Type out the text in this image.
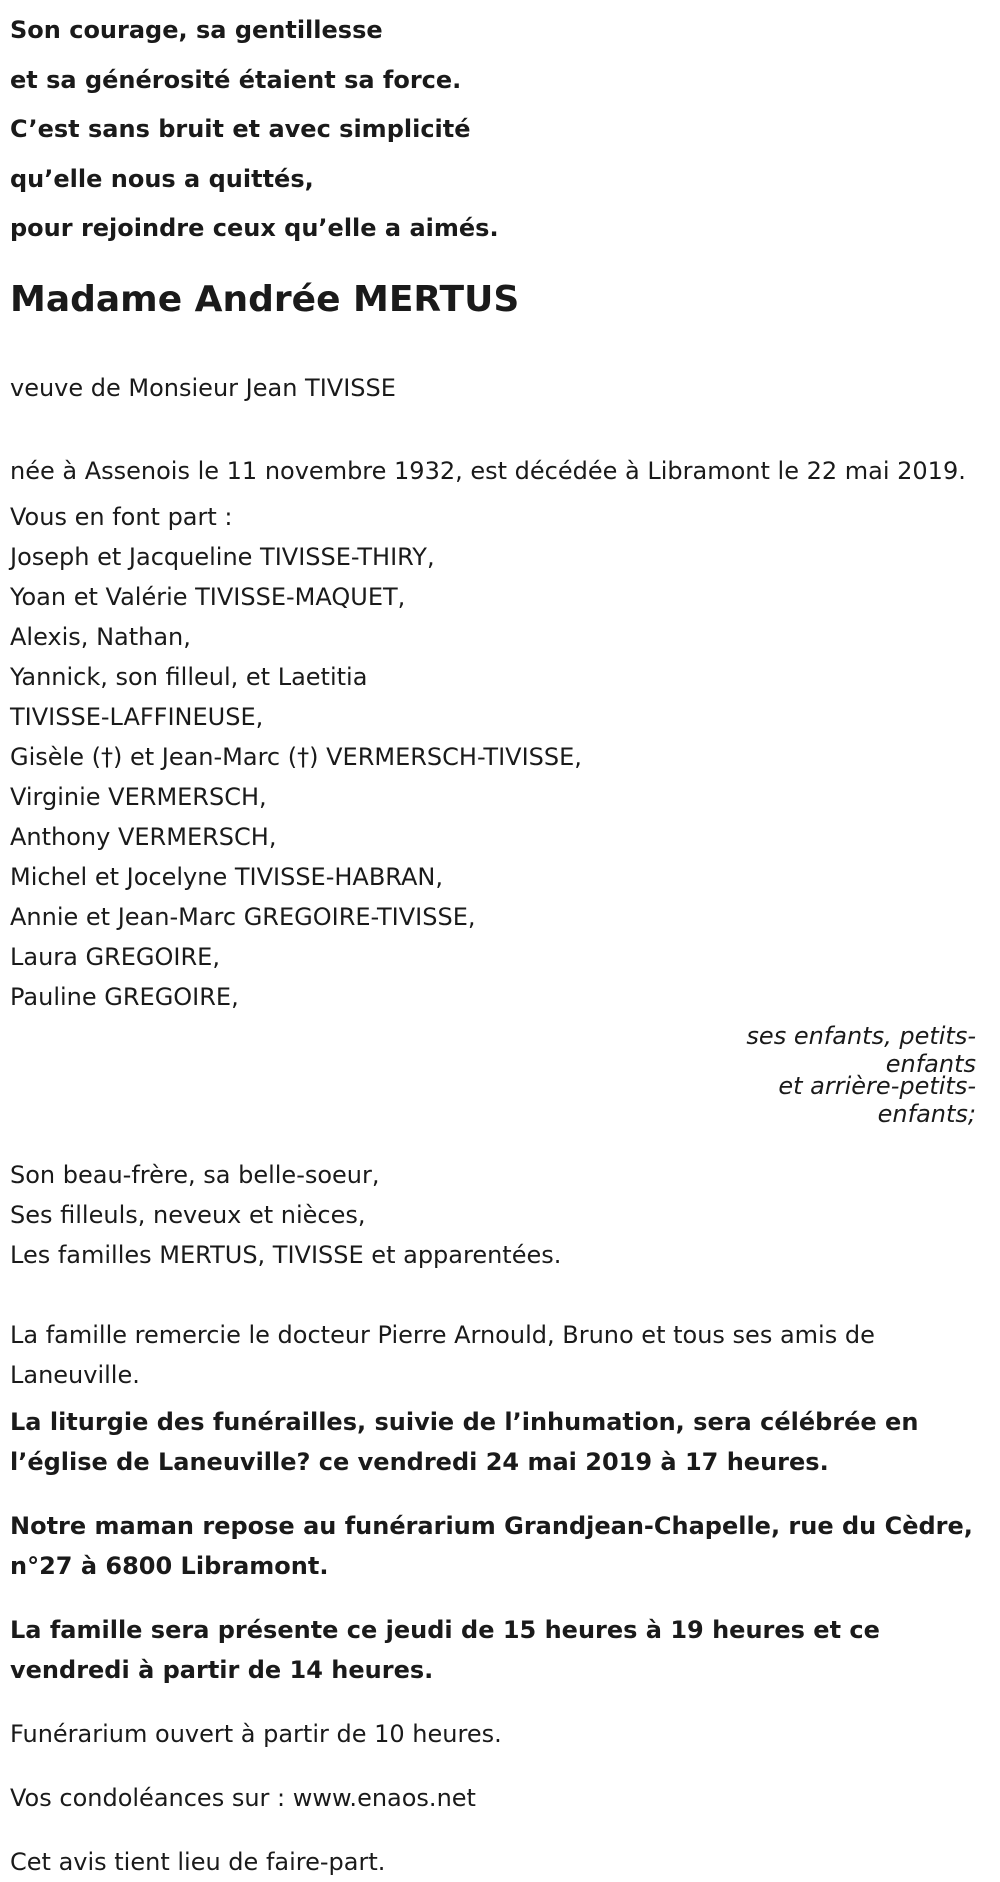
Son courage, sa gentillesse
et sa générosité étaient sa force.
C’est sans bruit et avec simplicité
qu’elle nous a quittés,
pour rejoindre ceux qu’elle a aimés.
Madame Andrée MERTUS

veuve de Monsieur Jean TIVISSE

née à Assenois le 11 novembre 1932, est décédée à Libramont le 22 mai 2019.

Vous en font part :
Joseph et Jacqueline TIVISSE-THIRY,
Yoan et Valérie TIVISSE-MAQUET,
Alexis, Nathan,
Yannick, son filleul, et Laetitia
TIVISSE-LAFFINEUSE,
Gisèle (†) et Jean-Marc (†) VERMERSCH-TIVISSE,
Virginie VERMERSCH,
Anthony VERMERSCH,
Michel et Jocelyne TIVISSE-HABRAN,
Annie et Jean-Marc GREGOIRE-TIVISSE,
Laura GREGOIRE,
Pauline GREGOIRE,
ses enfants, petits-
enfants
et arrière-petits-
enfants;
Son beau-frère, sa belle-soeur,
Ses filleuls, neveux et nièces,
Les familles MERTUS, TIVISSE et apparentées.

La famille remercie le docteur Pierre Arnould, Bruno et tous ses amis de Laneuville.

La liturgie des funérailles, suivie de l’inhumation, sera célébrée en l’église de Laneuville? ce vendredi 24 mai 2019 à 17 heures.

Notre maman repose au funérarium Grandjean-Chapelle, rue du Cèdre, n°27 à 6800 Libramont.

La famille sera présente ce jeudi de 15 heures à 19 heures et ce vendredi à partir de 14 heures.

Funérarium ouvert à partir de 10 heures.

Vos condoléances sur : www.enaos.net

Cet avis tient lieu de faire-part.
